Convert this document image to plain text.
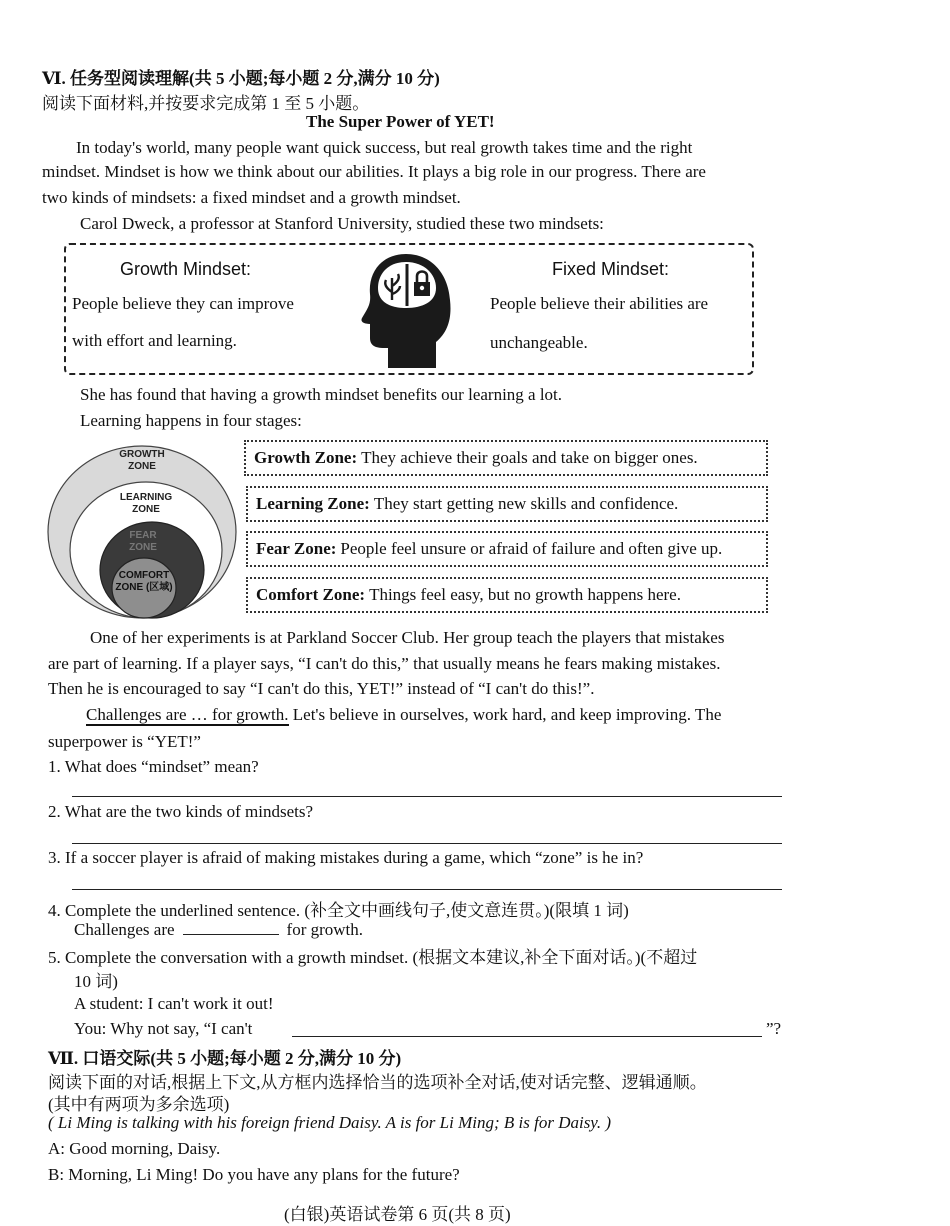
Ⅵ. 任务型阅读理解(共 5 小题;每小题 2 分,满分 10 分)
阅读下面材料,并按要求完成第 1 至 5 小题。
The Super Power of YET!
In today's world, many people want quick success, but real growth takes time and the right
mindset. Mindset is how we think about our abilities. It plays a big role in our progress. There are
two kinds of mindsets: a fixed mindset and a growth mindset.
Carol Dweck, a professor at Stanford University, studied these two mindsets:
Growth Mindset:
People believe they can improve
with effort and learning.
Fixed Mindset:
People believe their abilities are
unchangeable.
She has found that having a growth mindset benefits our learning a lot.
Learning happens in four stages:
GROWTH ZONE
LEARNING ZONE
FEAR ZONE
COMFORT ZONE (区域)
Growth Zone: They achieve their goals and take on bigger ones.
Learning Zone: They start getting new skills and confidence.
Fear Zone: People feel unsure or afraid of failure and often give up.
Comfort Zone: Things feel easy, but no growth happens here.
One of her experiments is at Parkland Soccer Club. Her group teach the players that mistakes
are part of learning. If a player says, “I can't do this,” that usually means he fears making mistakes.
Then he is encouraged to say “I can't do this, YET!” instead of “I can't do this!”.
Challenges are … for growth. Let's believe in ourselves, work hard, and keep improving. The
superpower is “YET!”
1. What does “mindset” mean?
2. What are the two kinds of mindsets?
3. If a soccer player is afraid of making mistakes during a game, which “zone” is he in?
4. Complete the underlined sentence. (补全文中画线句子,使文意连贯。)(限填 1 词)
Challenges are	for growth.
5. Complete the conversation with a growth mindset. (根据文本建议,补全下面对话。)(不超过
10 词)
A student: I can't work it out!
You: Why not say, “I can't	”?
Ⅶ. 口语交际(共 5 小题;每小题 2 分,满分 10 分)
阅读下面的对话,根据上下文,从方框内选择恰当的选项补全对话,使对话完整、逻辑通顺。
(其中有两项为多余选项)
( Li Ming is talking with his foreign friend Daisy. A is for Li Ming; B is for Daisy. )
A: Good morning, Daisy.
B: Morning, Li Ming! Do you have any plans for the future?
(白银)英语试卷第 6 页(共 8 页)
